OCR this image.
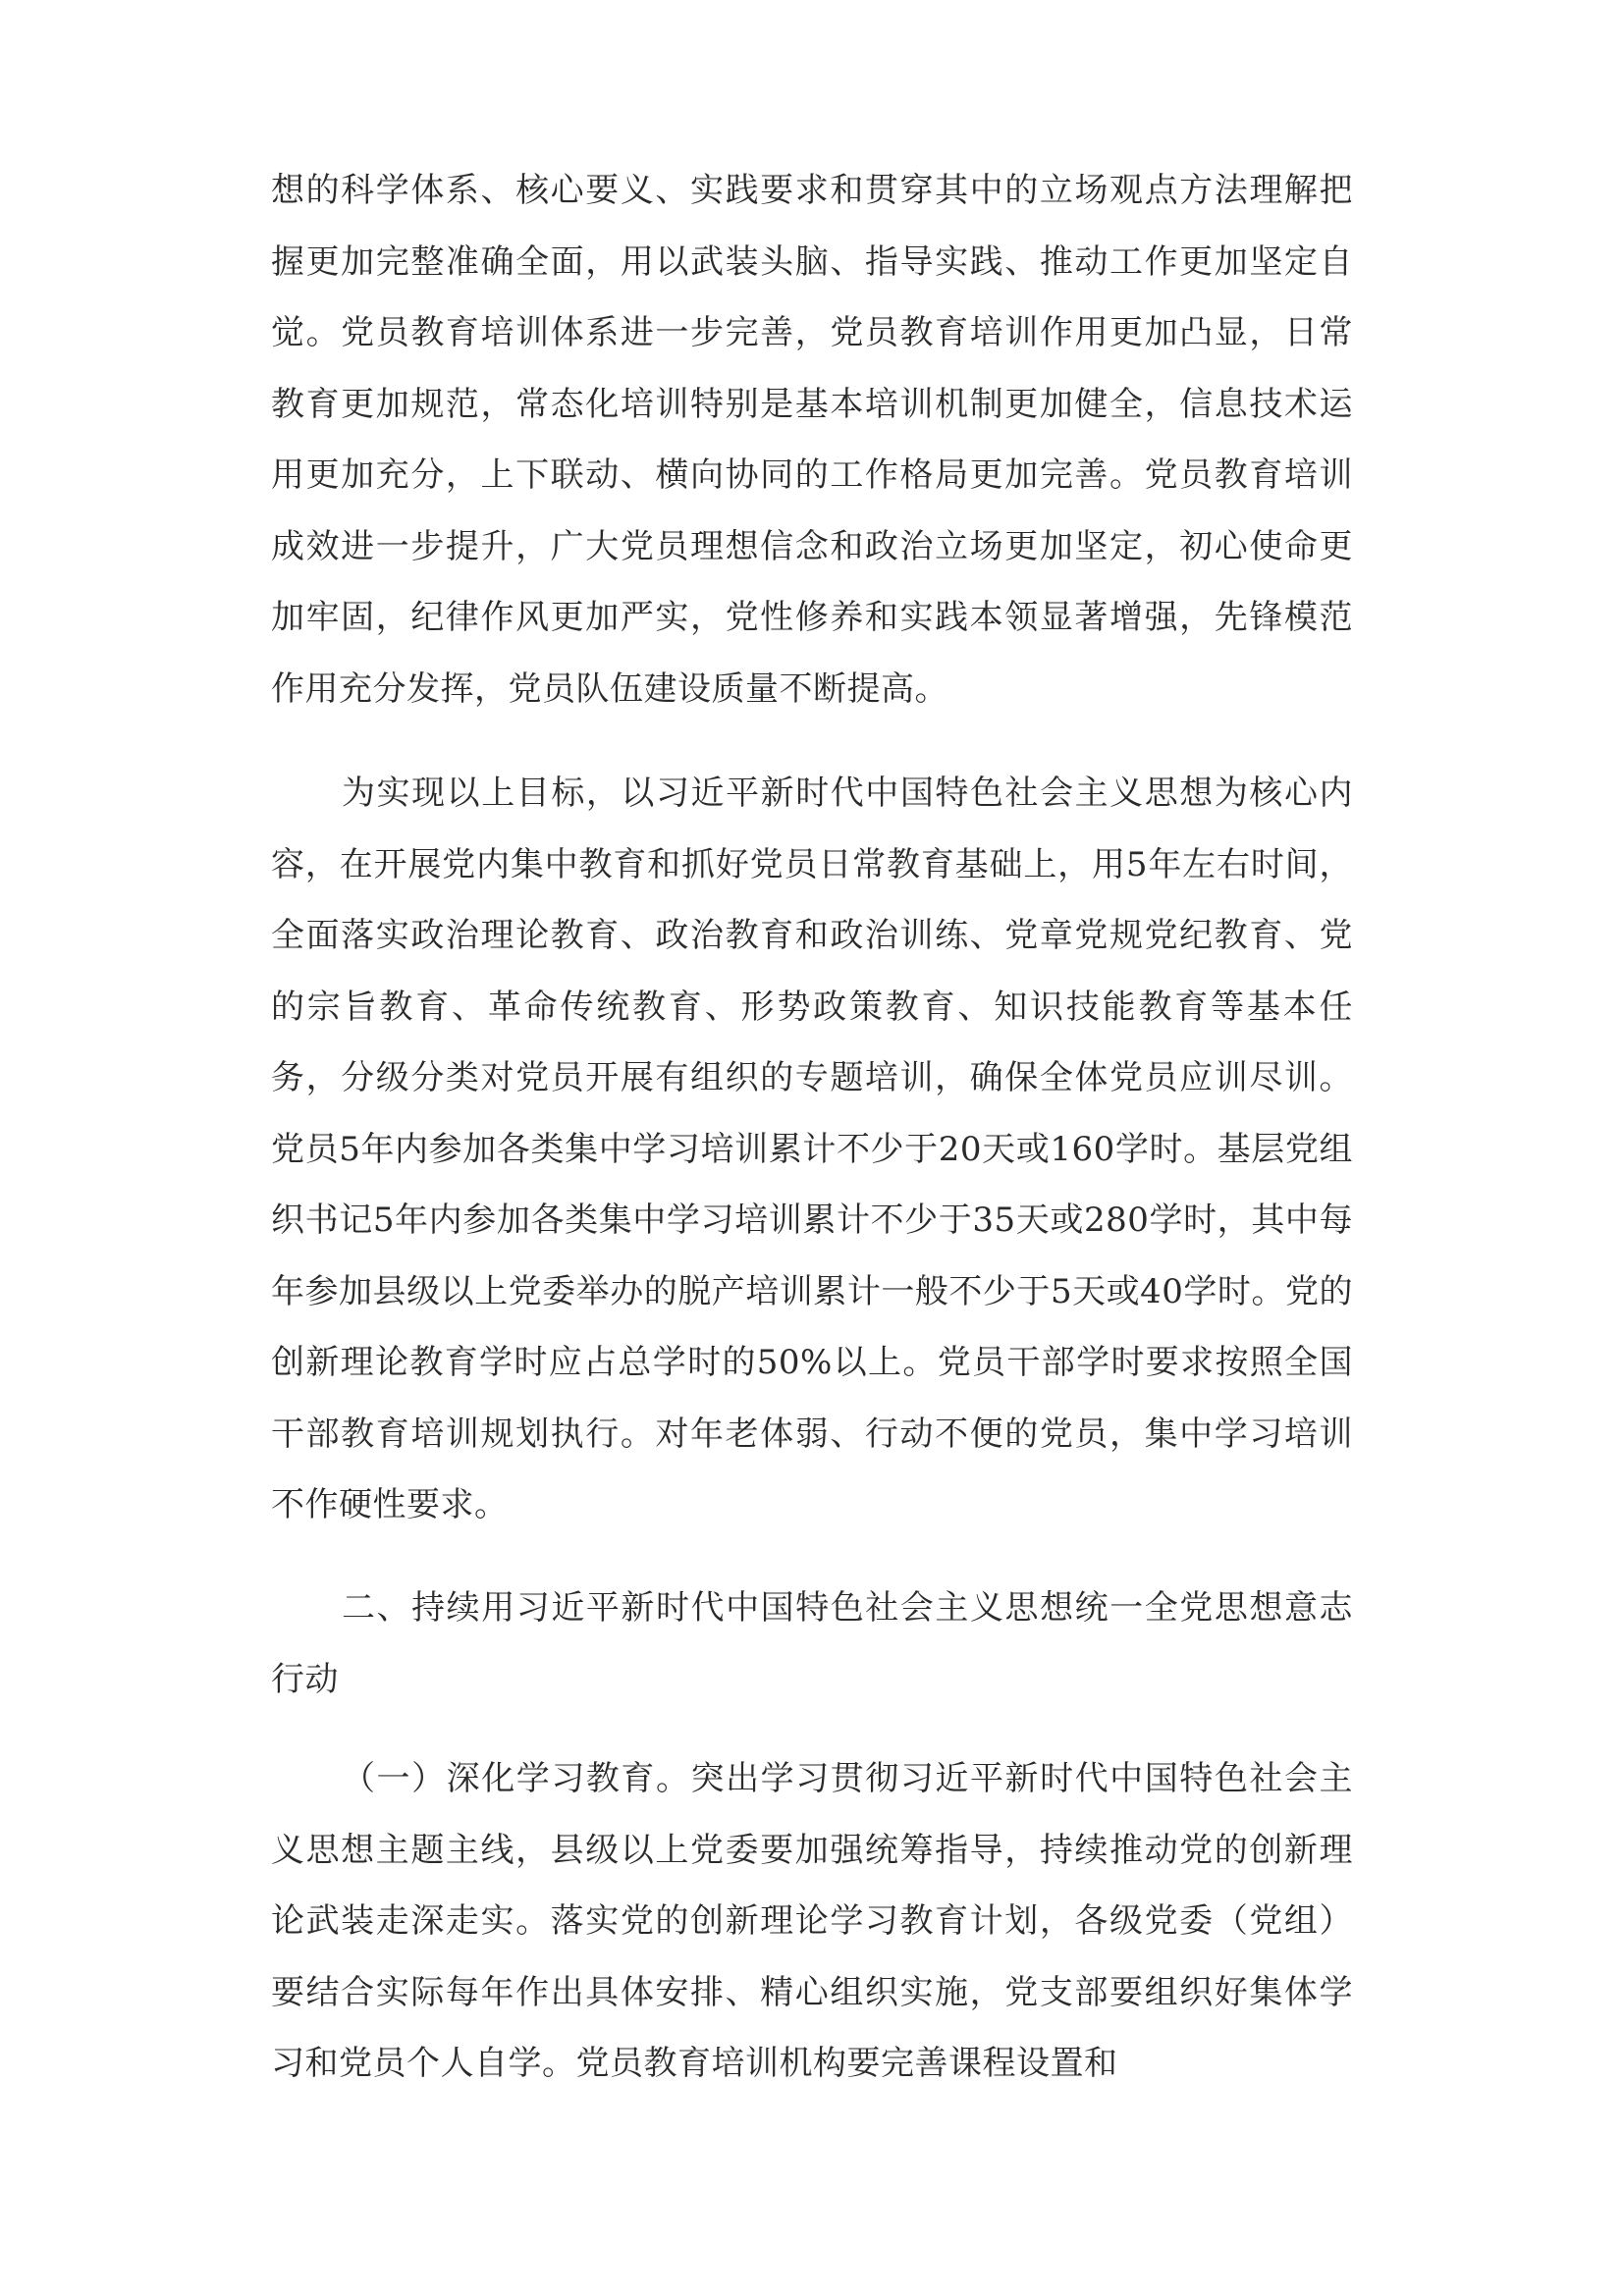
想的科学体系、核心要义、实践要求和贯穿其中的立场观点方法理解把握更加完整准确全面，用以武装头脑、指导实践、推动工作更加坚定自觉。党员教育培训体系进一步完善，党员教育培训作用更加凸显，日常教育更加规范，常态化培训特别是基本培训机制更加健全，信息技术运用更加充分，上下联动、横向协同的工作格局更加完善。党员教育培训成效进一步提升，广大党员理想信念和政治立场更加坚定，初心使命更加牢固，纪律作风更加严实，党性修养和实践本领显著增强，先锋模范作用充分发挥，党员队伍建设质量不断提高。

为实现以上目标，以习近平新时代中国特色社会主义思想为核心内容，在开展党内集中教育和抓好党员日常教育基础上，用5年左右时间，全面落实政治理论教育、政治教育和政治训练、党章党规党纪教育、党的宗旨教育、革命传统教育、形势政策教育、知识技能教育等基本任务，分级分类对党员开展有组织的专题培训，确保全体党员应训尽训。党员5年内参加各类集中学习培训累计不少于20天或160学时。基层党组织书记5年内参加各类集中学习培训累计不少于35天或280学时，其中每年参加县级以上党委举办的脱产培训累计一般不少于5天或40学时。党的创新理论教育学时应占总学时的50%以上。党员干部学时要求按照全国干部教育培训规划执行。对年老体弱、行动不便的党员，集中学习培训不作硬性要求。

二、持续用习近平新时代中国特色社会主义思想统一全党思想意志行动

（一）深化学习教育。突出学习贯彻习近平新时代中国特色社会主义思想主题主线，县级以上党委要加强统筹指导，持续推动党的创新理论武装走深走实。落实党的创新理论学习教育计划，各级党委（党组）要结合实际每年作出具体安排、精心组织实施，党支部要组织好集体学习和党员个人自学。党员教育培训机构要完善课程设置和
